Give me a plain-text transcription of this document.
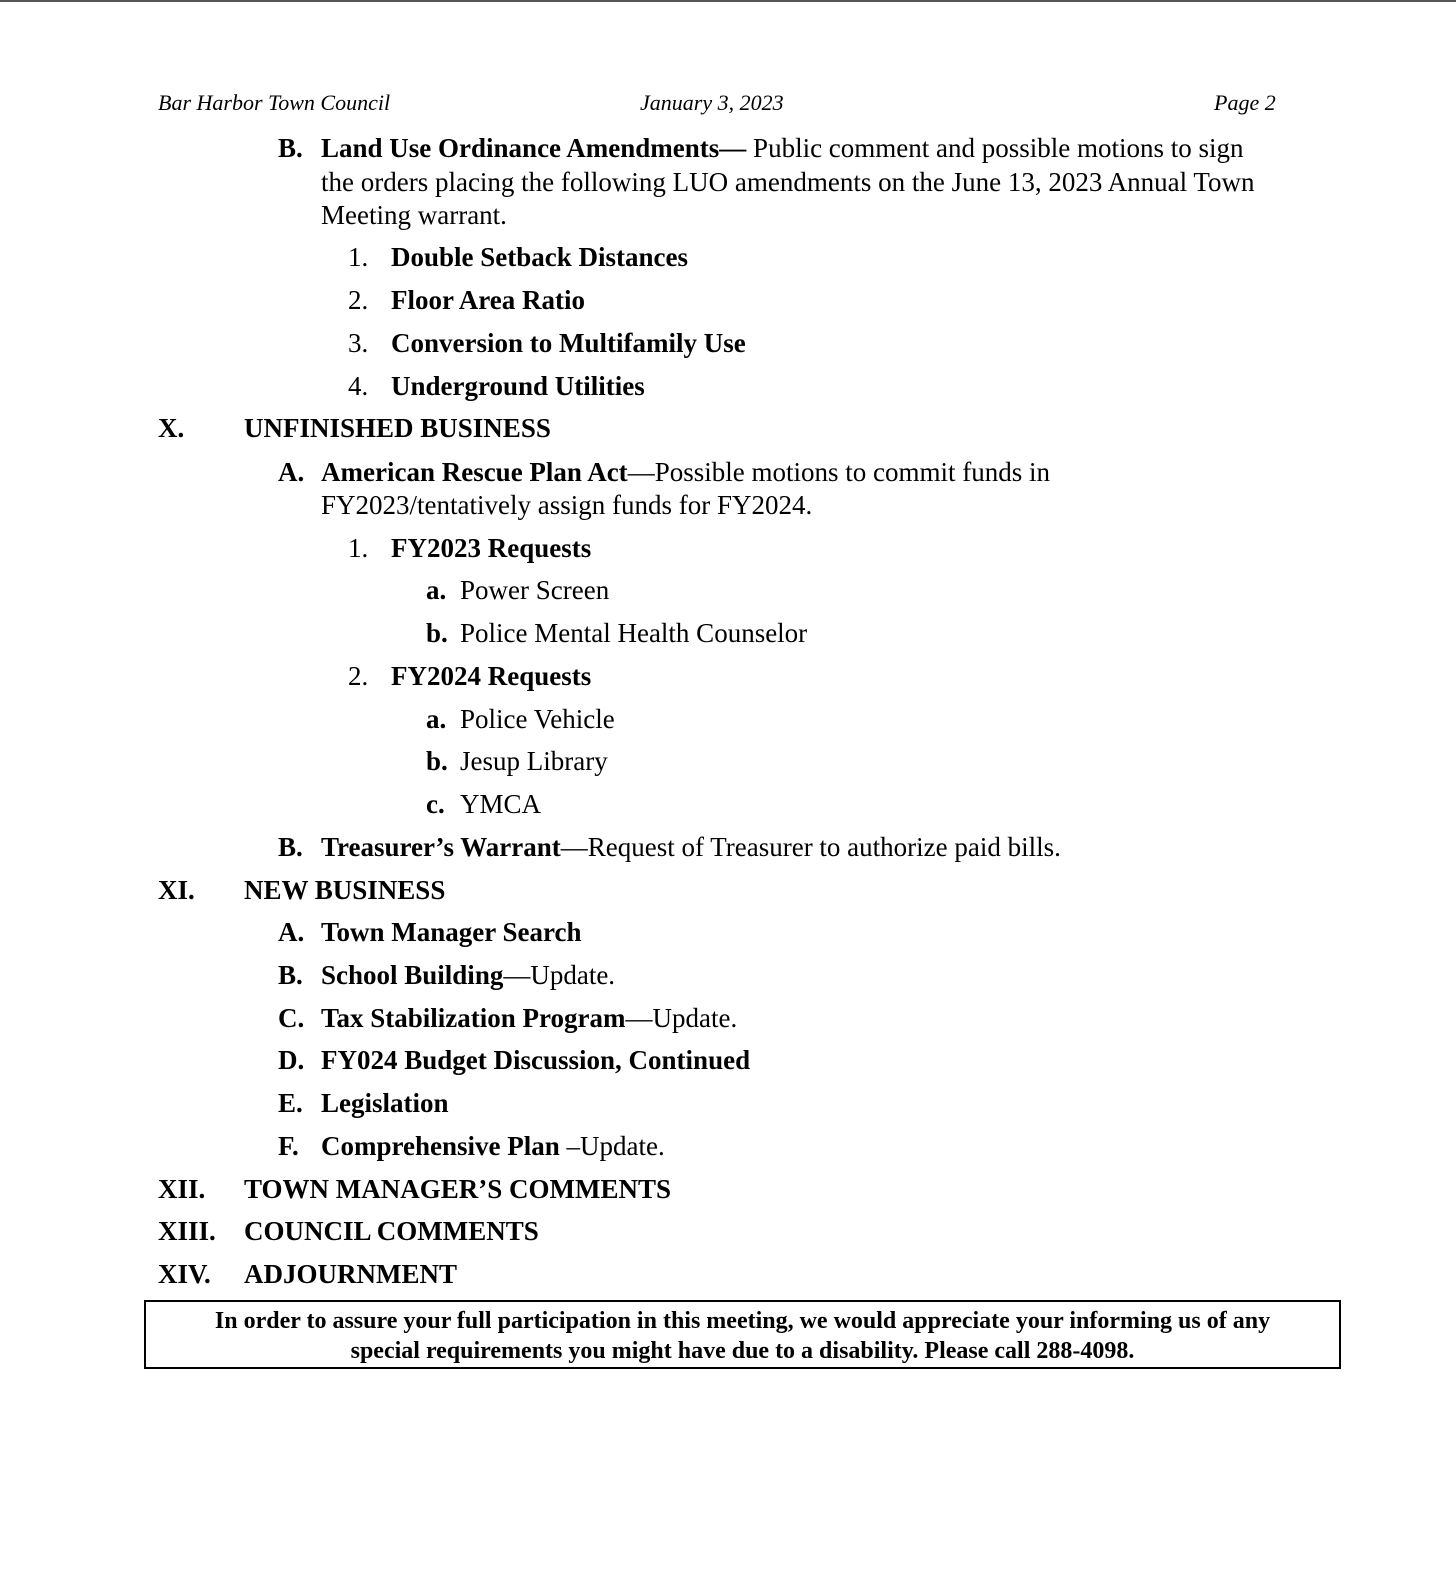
Bar Harbor Town Council	January 3, 2023	Page 2
B. Land Use Ordinance Amendments— Public comment and possible motions to sign
the orders placing the following LUO amendments on the June 13, 2023 Annual Town
Meeting warrant.
1. Double Setback Distances
2. Floor Area Ratio
3. Conversion to Multifamily Use
4. Underground Utilities
X. UNFINISHED BUSINESS
A. American Rescue Plan Act—Possible motions to commit funds in
FY2023/tentatively assign funds for FY2024.
1. FY2023 Requests
a. Power Screen
b. Police Mental Health Counselor
2. FY2024 Requests
a. Police Vehicle
b. Jesup Library
c. YMCA
B. Treasurer’s Warrant—Request of Treasurer to authorize paid bills.
XI. NEW BUSINESS
A. Town Manager Search
B. School Building—Update.
C. Tax Stabilization Program—Update.
D. FY024 Budget Discussion, Continued
E. Legislation
F. Comprehensive Plan –Update.
XII. TOWN MANAGER’S COMMENTS
XIII. COUNCIL COMMENTS
XIV. ADJOURNMENT
In order to assure your full participation in this meeting, we would appreciate your informing us of any
special requirements you might have due to a disability. Please call 288-4098.
